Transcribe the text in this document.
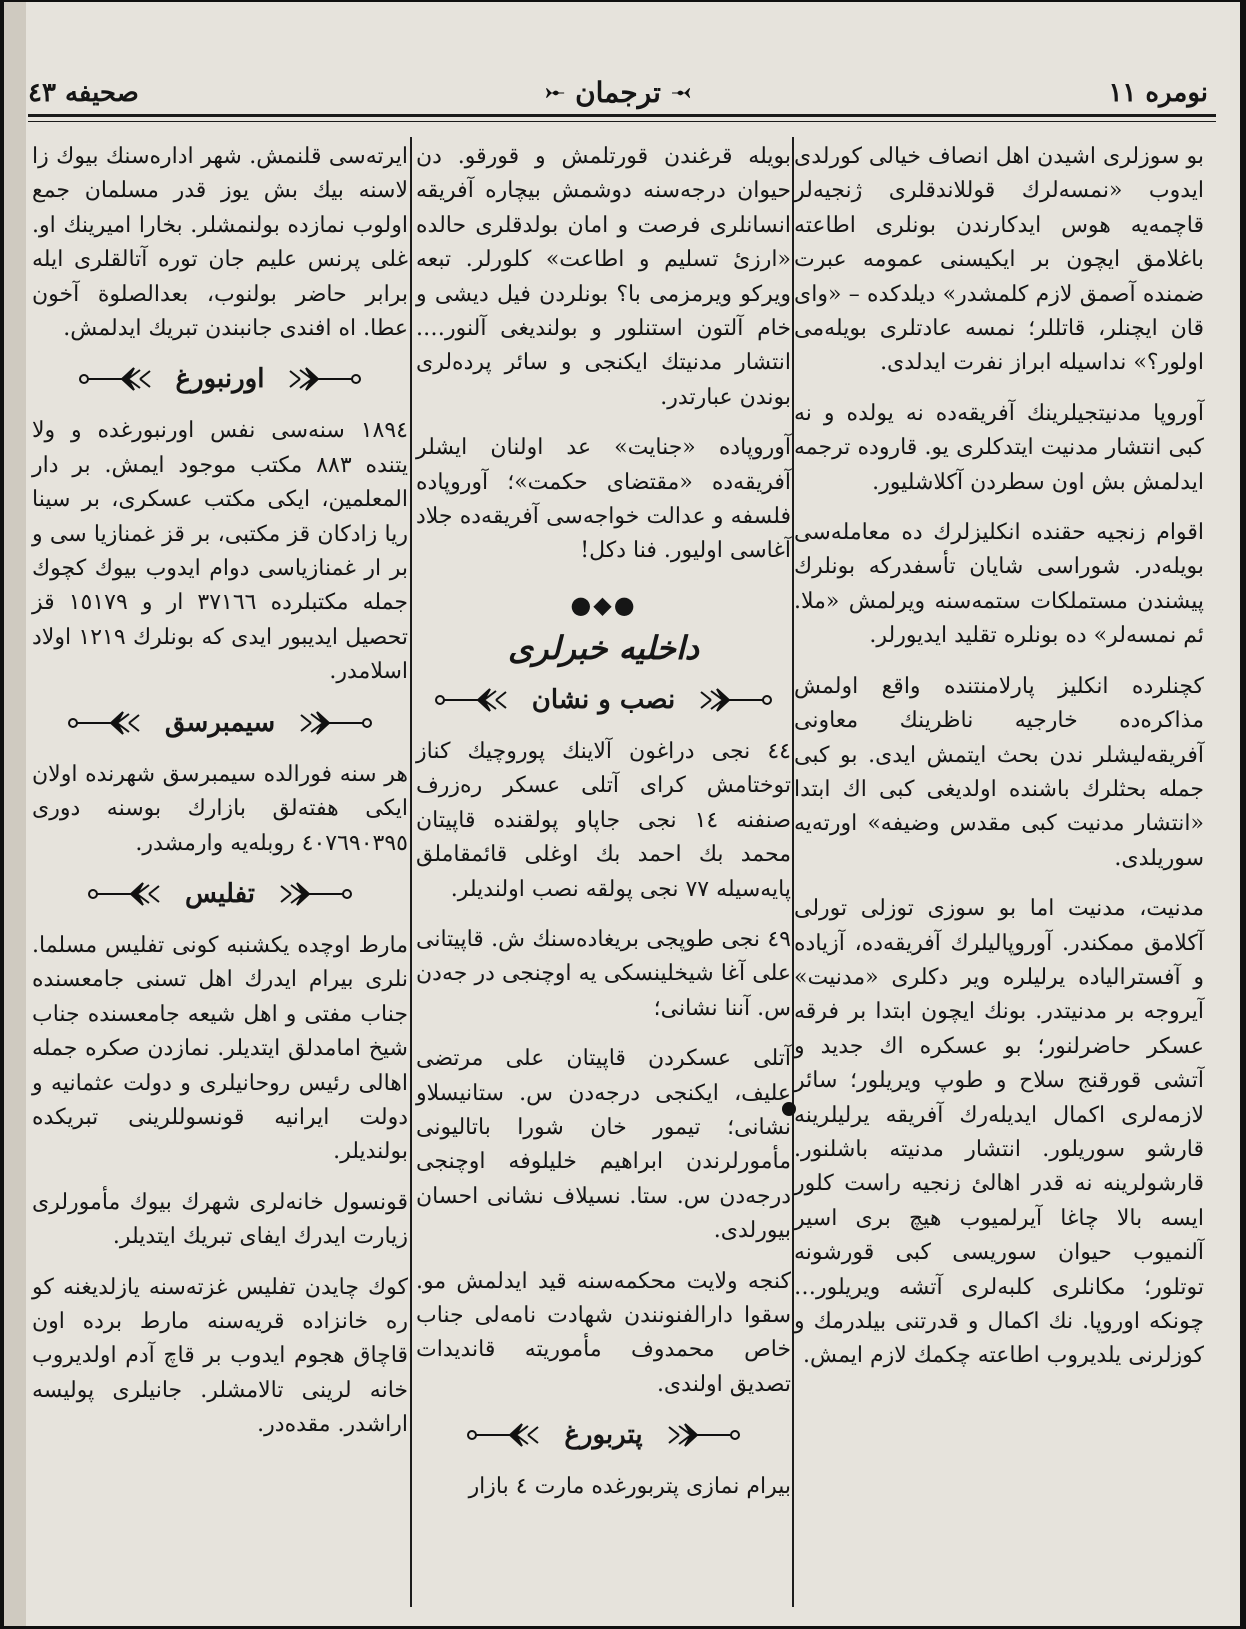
نومرە ١١
ترجمان
صحیفه ٤٣

بو سوزلری اشیدن اهل انصاف خیالی کورلدی ایدوب «نمسەلرك قوللاندقلری ژنجیەلر قاچمەیە هوس ایدکارندن بونلری اطاعتە باغلامق ایچون بر ایکیسنی عمومە عبرت ضمندە آصمق لازم کلمشدر» دیلدکدە – «وای قان ایچنلر، قاتللر؛ نمسە عادتلری بویلەمی اولور؟» نداسیلە ابراز نفرت ایدلدی.

آوروپا مدنیتجیلرینك آفریقەدە نە یولدە و نە کبی انتشار مدنیت ایتدکلری یو. قاروده ترجمە ایدلمش بش اون سطردن آکلاشلیور.

اقوام زنجیە حقندە انکلیزلرك دە معاملەسی بویلەدر. شوراسی شایان تأسفدرکە بونلرك پیشندن مستملکات ستمەسنە ویرلمش «ملا. ئم نمسەلر» دە بونلرە تقلید ایدیورلر.

کچنلردە انکلیز پارلامنتندە واقع اولمش مذاکرەدە خارجیە ناظرینك معاونی آفریقەلیشلر ندن بحث ایتمش ایدی. بو کبی جملە بحثلرك باشندە اولدیغی کبی اك ابتدا «انتشار مدنیت کبی مقدس وضیفە» اورتەیە سوریلدی.

مدنیت، مدنیت اما بو سوزی توزلی تورلی آکلامق ممکندر. آوروپالیلرك آفریقەدە، آزیادە و آفستراليادە یرلیلرە ویر دکلری «مدنیت» آیروجە بر مدنیتدر. بونك ایچون ابتدا بر فرقە عسکر حاضرلنور؛ بو عسکرە اك جدید و آتشی قورقنج سلاح و طوپ ویریلور؛ سائر لازمەلری اکمال ایدیلەرك آفریقە یرلیلرینە قارشو سوریلور. انتشار مدنیتە باشلنور. قارشولرینە نە قدر اهالئ زنجیە راست کلور ایسە بالا چاغا آیرلمیوب هیچ بری اسیر آلنمیوب حیوان سوریسی کبی قورشونە توتلور؛ مکانلری کلبەلری آتشە ویریلور… چونکە اوروپا. نك اکمال و قدرتنی بیلدرمك و کوزلرنی یلدیروب اطاعتە چکمك لازم ایمش.

بویلە قرغندن قورتلمش و قورقو. دن حیوان درجەسنە دوشمش بیچارە آفریقە انسانلری فرصت و امان بولدقلری حالدە «ارزئ تسلیم و اطاعت» کلورلر. تبعە ویرکو ویرمزمی با؟ بونلردن فیل دیشی و خام آلتون استنلور و بولندیغی آلنور…. انتشار مدنیتك ایکنجی و سائر پردەلری بوندن عبارتدر.

آوروپادە «جنایت» عد اولنان ایشلر آفریقەدە «مقتضای حکمت»؛ آوروپادە فلسفە و عدالت خواجەسی آفریقەدە جلاد آغاسی اولیور. فنا دکل!

●◆●
داخلیه خبرلری
نصب و نشان

٤٤ نجی دراغون آلاینك پوروچیك کناز توختامش کرای آتلی عسکر رەزرف صنفنە ١٤ نجی جاپاو پولقندە قاپیتان محمد بك احمد بك اوغلی قائمقاملق پایەسیلە ٧٧ نجی پولقە نصب اولندیلر.

٤٩ نجی طوپجی بریغادەسنك ش. قاپیتانی علی آغا شیخلینسکی یە اوچنجی در جەدن س. آننا نشانی؛

آتلی عسکردن قاپیتان علی مرتضی علیف، ایکنجی درجەدن س. ستانیسلاو نشانی؛ تیمور خان شورا باتالیونی مأمورلرندن ابراهیم خلیلوفە اوچنجی درجەدن س. ستا. نسیلاف نشانی احسان بیورلدی.

کنجە ولایت محکمەسنە قید ایدلمش مو. سقوا دارالفنونندن شهادت نامەلی جناب خاص محمدوف مأموریتە قاندیدات تصدیق اولندی.

پتربورغ

بیرام نمازی پتربورغدە مارت ٤ بازار

ایرتەسی قلنمش. شهر ادارەسنك بیوك زا لاسنە بیك بش یوز قدر مسلمان جمع اولوب نمازدە بولنمشلر. بخارا امیرینك او. غلی پرنس علیم جان توره آتالقلری ایلە برابر حاضر بولنوب، بعدالصلوة آخون عطا. اە افندی جانبندن تبریك ایدلمش.

اورنبورغ

١٨٩٤ سنەسی نفس اورنبورغدە و ولا یتندە ٨٨٣ مکتب موجود ایمش. بر دار المعلمین، ایکی مکتب عسکری، بر سینا ریا زادکان قز مکتبی، بر قز غمنازیا سی و بر ار غمنازیاسی دوام ایدوب بیوك کچوك جملە مکتبلردە ٣٧١٦٦ ار و ١٥١٧٩ قز تحصیل ایدیبور ایدی کە بونلرك ١٢١٩ اولاد اسلامدر.

سیمبرسق

هر سنە فورالدە سیمبرسق شهرندە اولان ایکی هفتەلق بازارك بوسنە دوری ٤٠٧٦٩٠٣٩٥ روبلەیە وارمشدر.

تفلیس

مارط اوچدە یکشنبە کونی تفلیس مسلما. نلری بیرام ایدرك اهل تسنی جامعسندە جناب مفتی و اهل شیعە جامعسندە جناب شیخ امامدلق ایتدیلر. نمازدن صکرە جملە اهالی رئیس روحانیلری و دولت عثمانیە و دولت ایرانیە قونسوللرینی تبریکدە بولندیلر.

قونسول خانەلری شهرك بیوك مأمورلری زیارت ایدرك ایفای تبریك ایتدیلر.

کوك چایدن تفلیس غزتەسنە یازلدیغنە کو رە خانزادە قریەسنە مارط بردە اون قاچاق هجوم ایدوب بر قاچ آدم اولدیروب خانە لرینی تالامشلر. جانیلری پولیسە اراشدر. مقدەدر.
